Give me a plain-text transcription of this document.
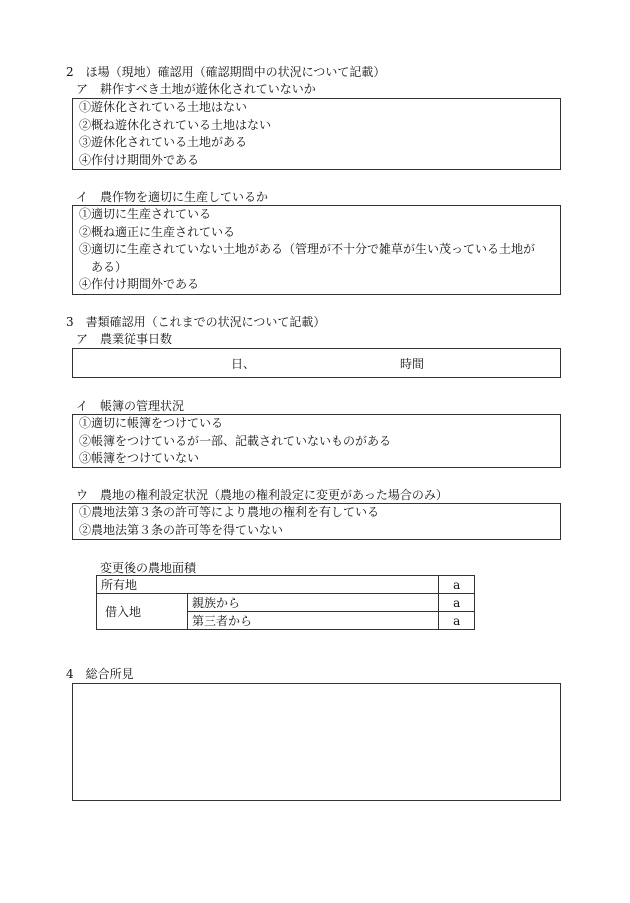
2　ほ場（現地）確認用（確認期間中の状況について記載）
ア　耕作すべき土地が遊休化されていないか
①遊休化されている土地はない
②概ね遊休化されている土地はない
③遊休化されている土地がある
④作付け期間外である
イ　農作物を適切に生産しているか
①適切に生産されている
②概ね適正に生産されている
③適切に生産されていない土地がある（管理が不十分で雑草が生い茂っている土地が
ある）
④作付け期間外である
3　書類確認用（これまでの状況について記載）
ア　農業従事日数
日、	時間
イ　帳簿の管理状況
①適切に帳簿をつけている
②帳簿をつけているが一部、記載されていないものがある
③帳簿をつけていない
ウ　農地の権利設定状況（農地の権利設定に変更があった場合のみ）
①農地法第３条の許可等により農地の権利を有している
②農地法第３条の許可等を得ていない
変更後の農地面積
所有地		a
借入地	親族から	a
	第三者から	a
4　総合所見
